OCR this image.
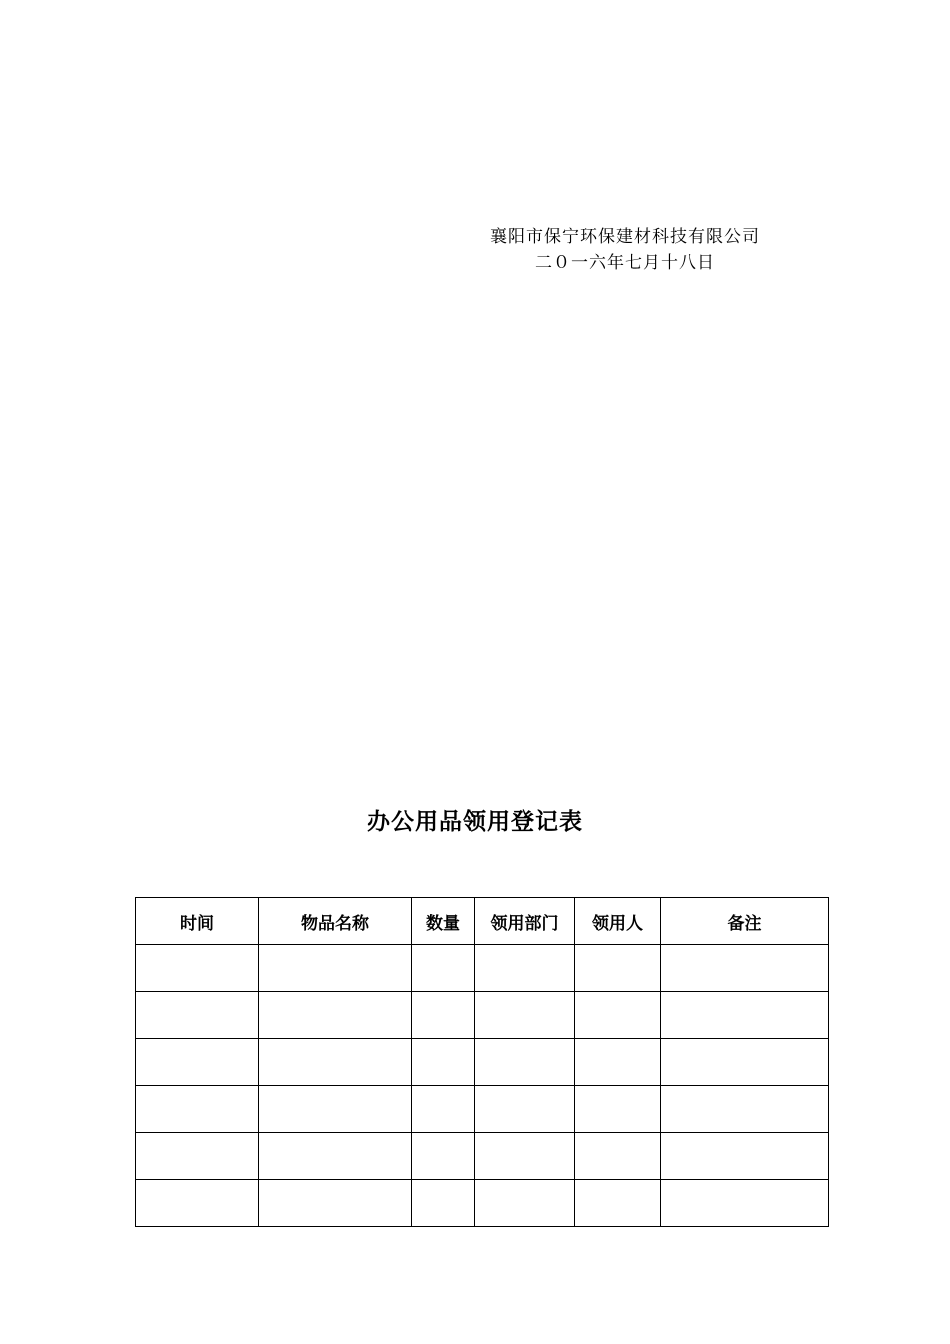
襄阳市保宁环保建材科技有限公司
二０一六年七月十八日
办公用品领用登记表
时间	物品名称	数量	领用部门	领用人	备注
